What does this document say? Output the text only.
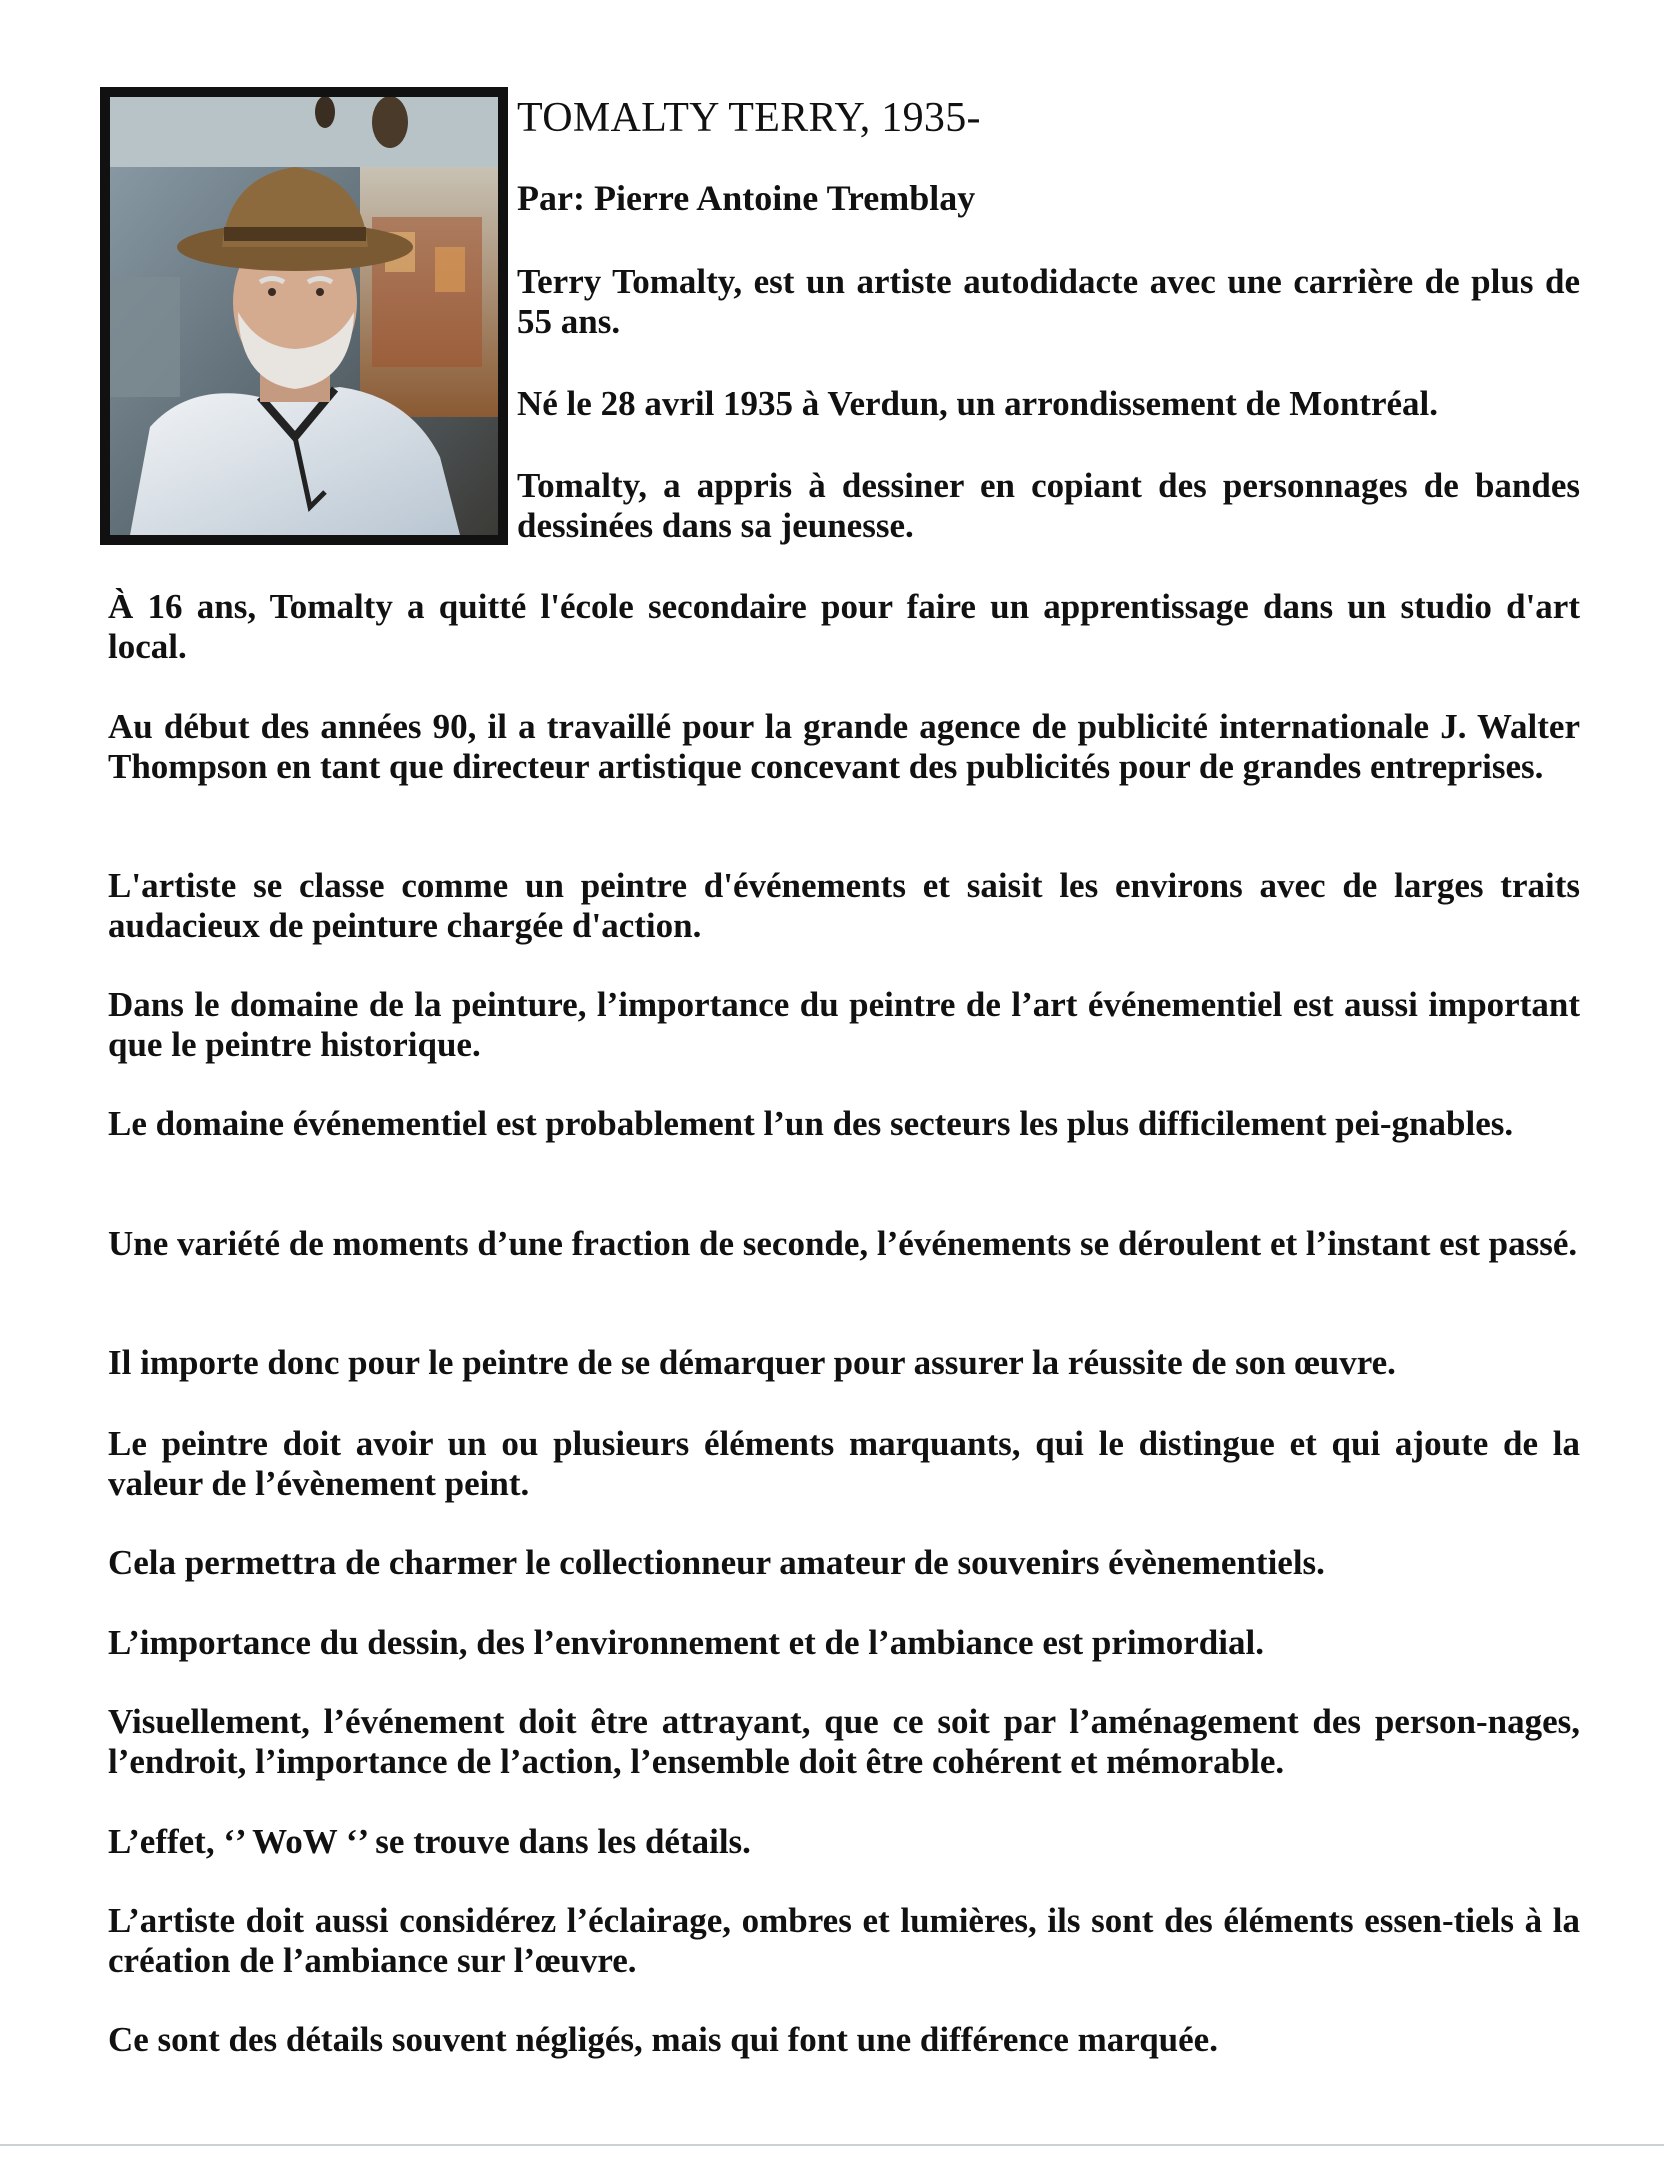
TOMALTY TERRY, 1935-

Par: Pierre Antoine Tremblay

Terry Tomalty, est un artiste autodidacte avec une carrière de plus de 55 ans.

Né le 28 avril 1935 à Verdun, un arrondissement de Montréal.

Tomalty, a appris à dessiner en copiant des personnages de bandes dessinées dans sa jeunesse.

À 16 ans, Tomalty a quitté l'école secondaire pour faire un apprentissage dans un studio d'art local.

Au début des années 90, il a travaillé pour la grande agence de publicité internationale J. Walter Thompson en tant que directeur artistique concevant des publicités pour de grandes entreprises.

L'artiste se classe comme un peintre d'événements et saisit les environs avec de larges traits audacieux de peinture chargée d'action.

Dans le domaine de la peinture, l’importance du peintre de l’art événementiel est aussi important que le peintre historique.

Le domaine événementiel est probablement l’un des secteurs les plus difficilement pei-gnables.

Une variété de moments d’une fraction de seconde, l’événements se déroulent et l’instant est passé.

Il importe donc pour le peintre de se démarquer pour assurer la réussite de son œuvre.

Le peintre doit avoir un ou plusieurs éléments marquants, qui le distingue et qui ajoute de la valeur de l’évènement peint.

Cela permettra de charmer le collectionneur amateur de souvenirs évènementiels.

L’importance du dessin, des l’environnement et de l’ambiance est primordial.

Visuellement, l’événement doit être attrayant, que ce soit par l’aménagement des person-nages, l’endroit, l’importance de l’action, l’ensemble doit être cohérent et mémorable.

L’effet, ‘’ WoW ‘’ se trouve dans les détails.

L’artiste doit aussi considérez l’éclairage, ombres et lumières, ils sont des éléments essen-tiels à la création de l’ambiance sur l’œuvre.

Ce sont des détails souvent négligés, mais qui font une différence marquée.
